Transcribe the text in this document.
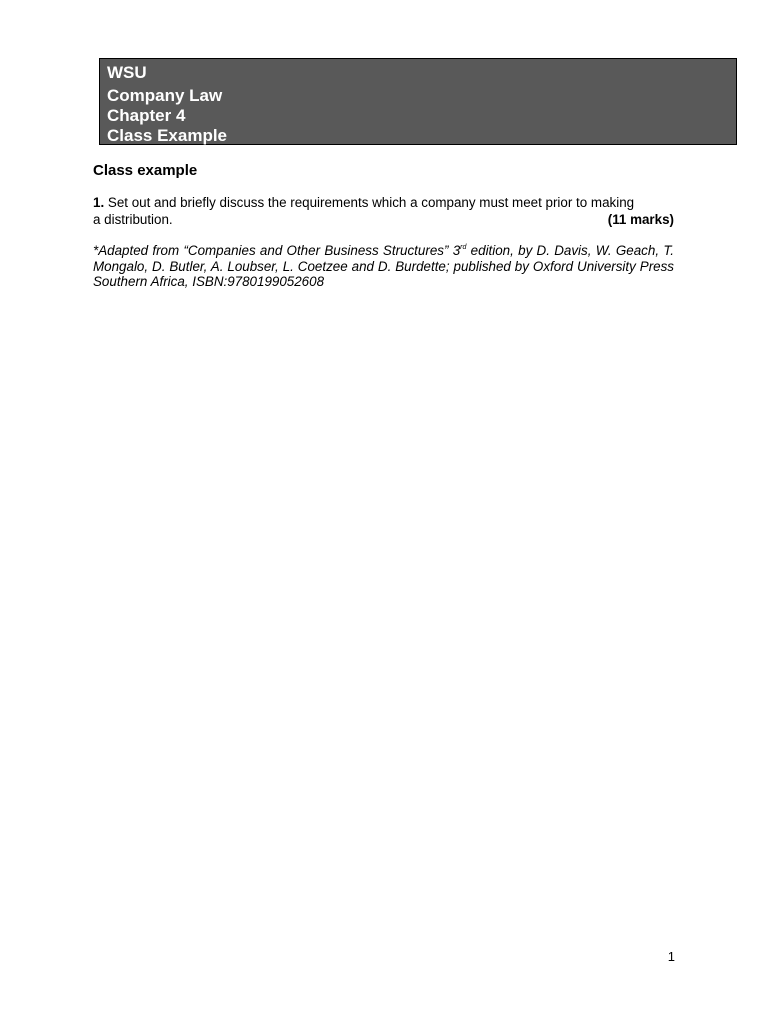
WSU
Company Law
Chapter 4
Class Example
Class example
1. Set out and briefly discuss the requirements which a company must meet prior to making
a distribution.	(11 marks)
*Adapted from “Companies and Other Business Structures” 3rd edition, by D. Davis, W. Geach, T. Mongalo, D. Butler, A. Loubser, L. Coetzee and D. Burdette; published by Oxford University Press Southern Africa, ISBN:9780199052608
1
